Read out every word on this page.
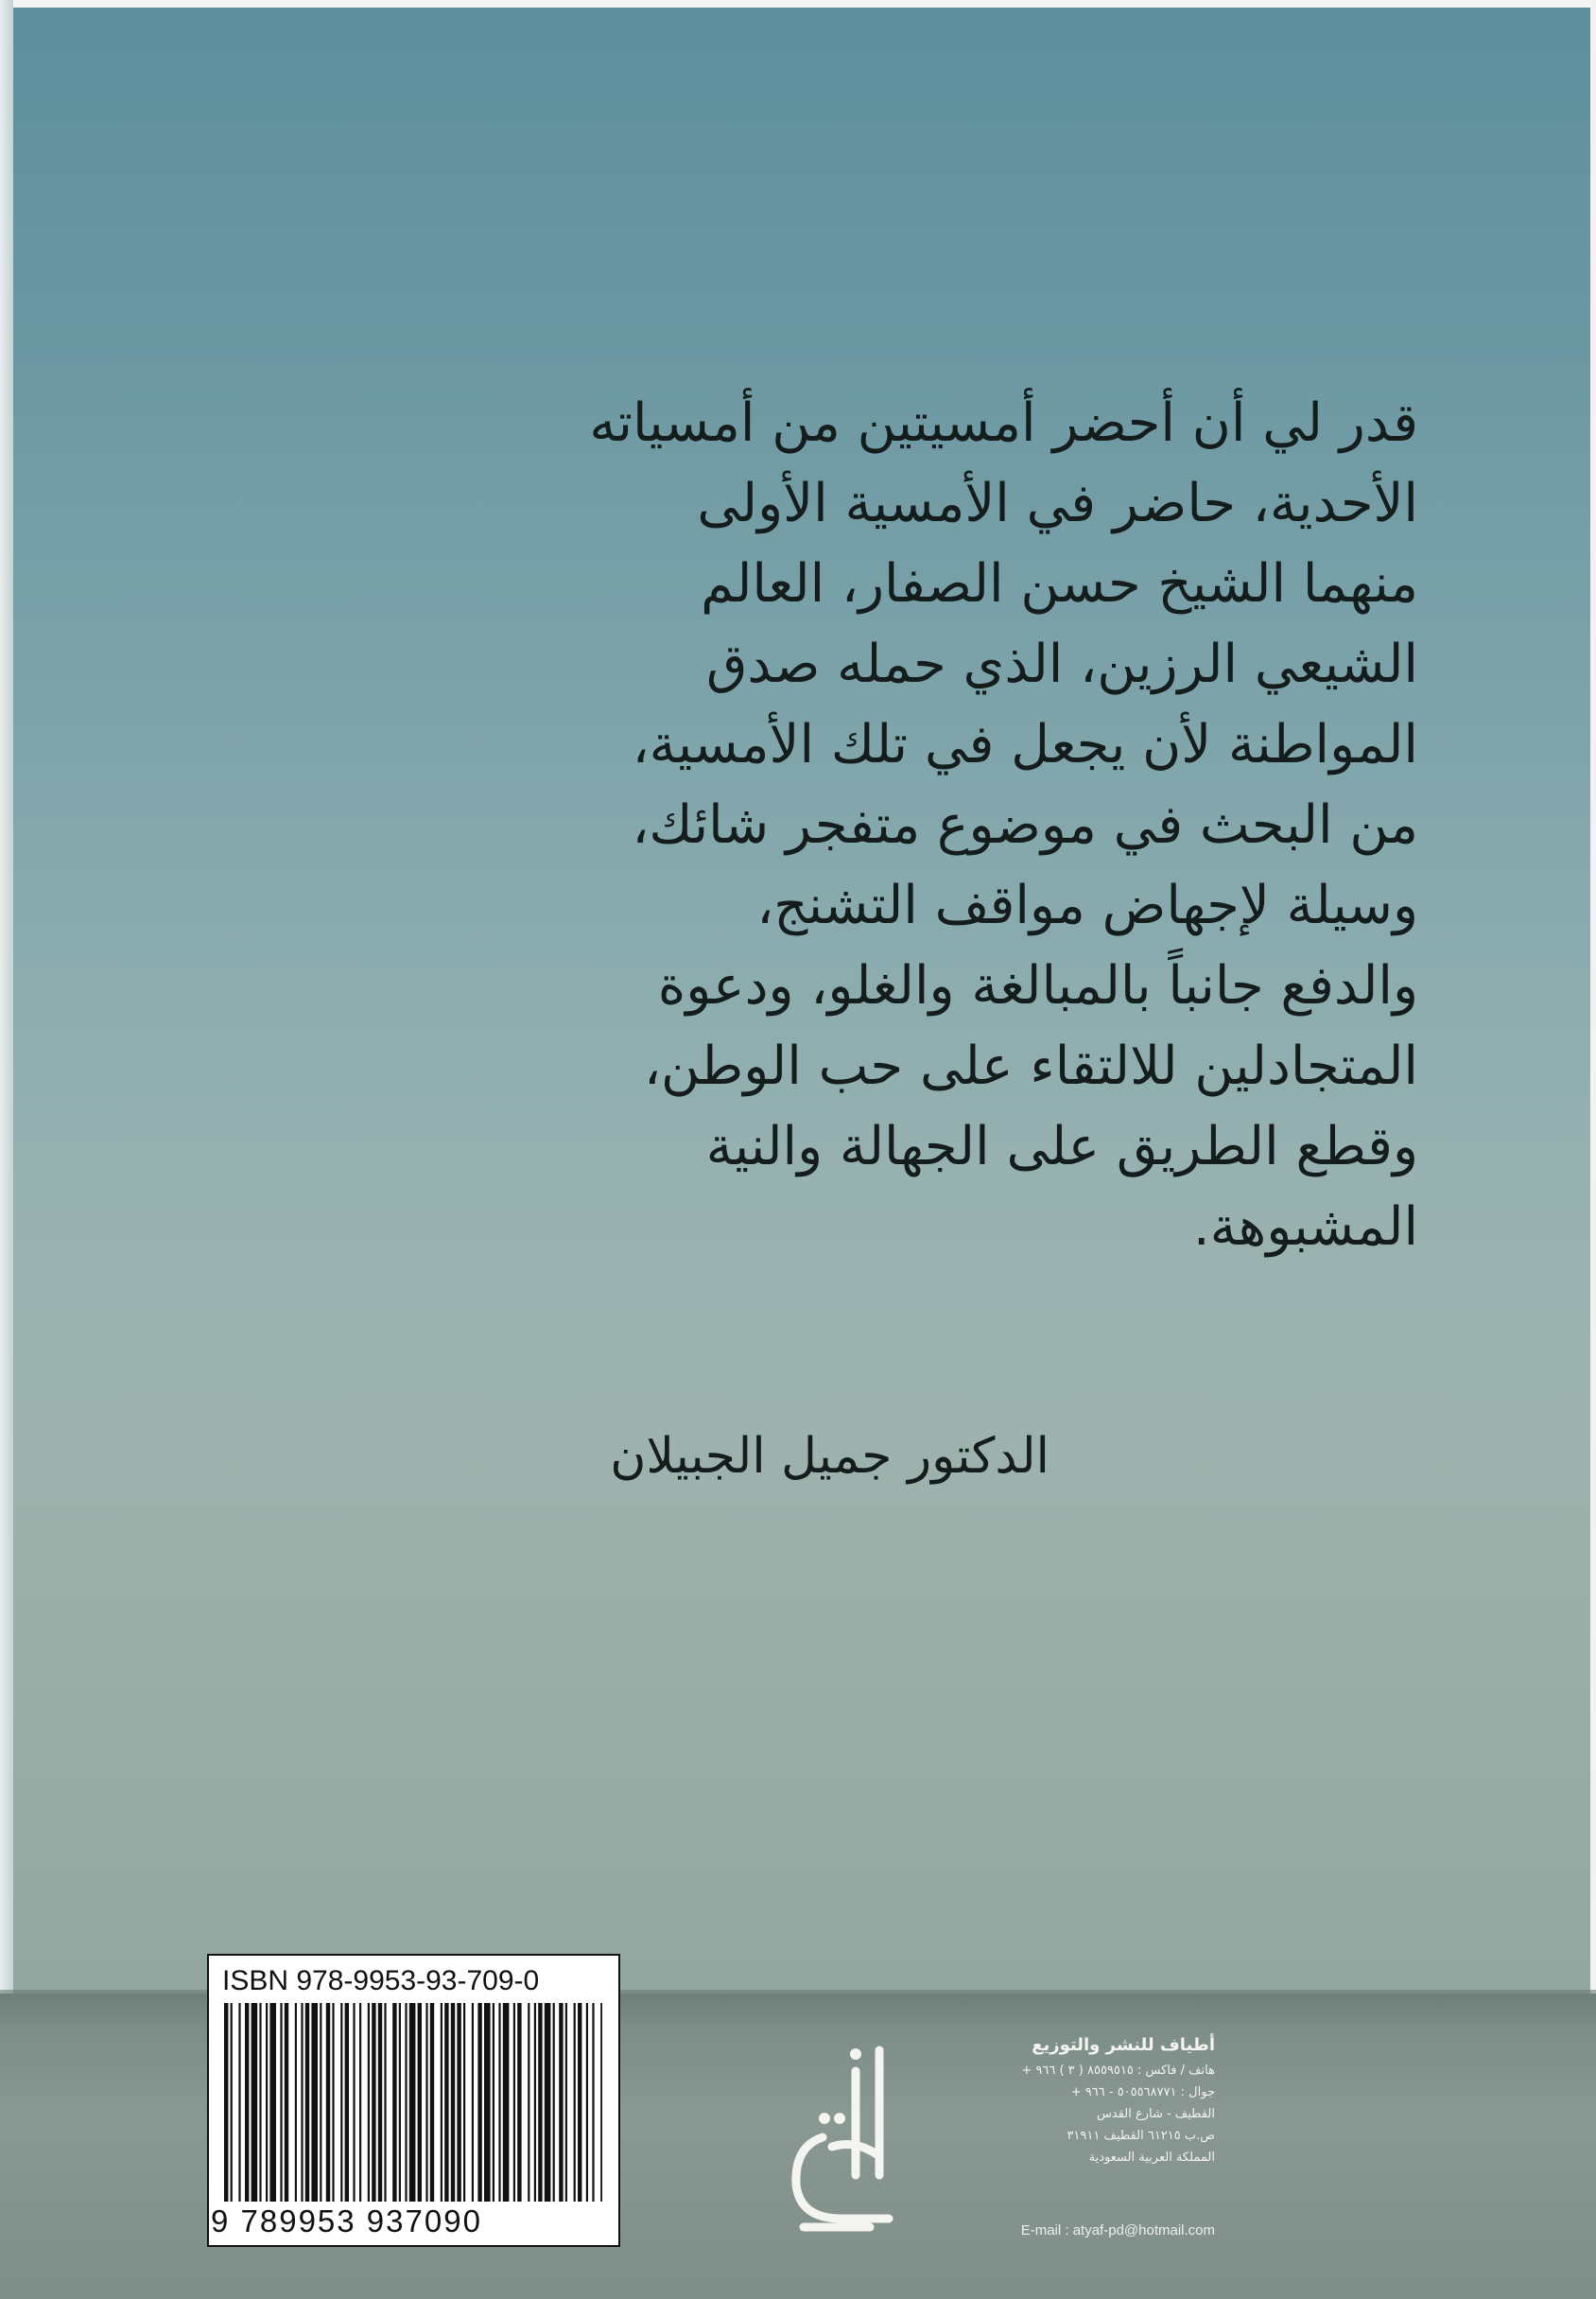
قدر لي أن أحضر أمسيتين من أمسياته
الأحدية، حاضر في الأمسية الأولى
منهما الشيخ حسن الصفار، العالم
الشيعي الرزين، الذي حمله صدق
المواطنة لأن يجعل في تلك الأمسية،
من البحث في موضوع متفجر شائك،
وسيلة لإجهاض مواقف التشنج،
والدفع جانباً بالمبالغة والغلو، ودعوة
المتجادلين للالتقاء على حب الوطن،
وقطع الطريق على الجهالة والنية
المشبوهة.
الدكتور جميل الجبيلان
ISBN 978-9953-93-709-0
9 789953 937090
أطياف للنشر والتوزيع
هاتف / فاكس : ٨٥٥٩٥١٥ ( ٣ ) ٩٦٦ +
جوال : ٥٠٥٥٦٨٧٧١ - ٩٦٦ +
القطيف - شارع القدس
ص.ب ٦١٢١٥ القطيف ٣١٩١١
المملكة العربية السعودية
E-mail : atyaf-pd@hotmail.com
